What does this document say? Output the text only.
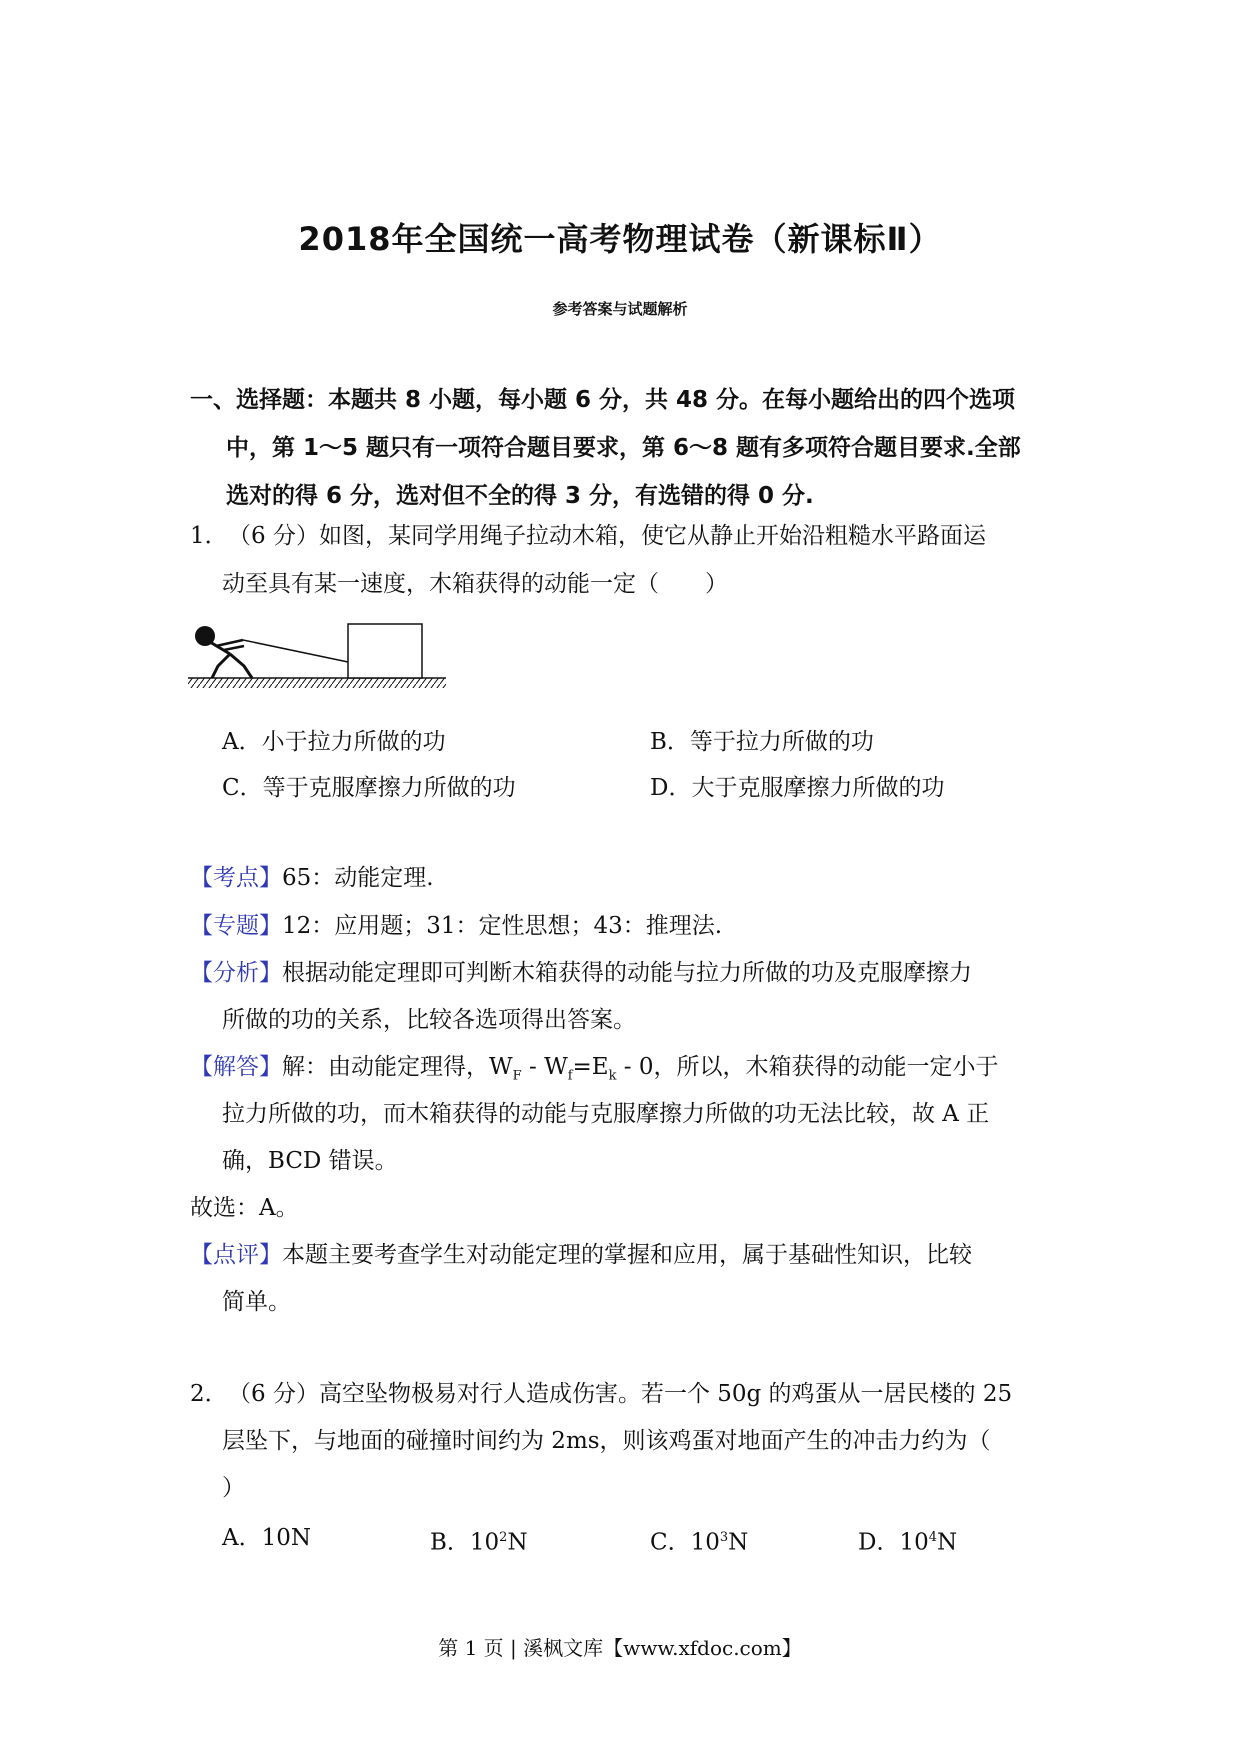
2018年全国统一高考物理试卷（新课标Ⅱ）
参考答案与试题解析
一、选择题：本题共 8 小题，每小题 6 分，共 48 分。在每小题给出的四个选项
中，第 1～5 题只有一项符合题目要求，第 6～8 题有多项符合题目要求.全部
选对的得 6 分，选对但不全的得 3 分，有选错的得 0 分.
1． （6 分）如图，某同学用绳子拉动木箱，使它从静止开始沿粗糙水平路面运
动至具有某一速度，木箱获得的动能一定（　　）
A．小于拉力所做的功	B．等于拉力所做的功
C．等于克服摩擦力所做的功	D．大于克服摩擦力所做的功
【考点】65：动能定理.
【专题】12：应用题；31：定性思想；43：推理法.
【分析】根据动能定理即可判断木箱获得的动能与拉力所做的功及克服摩擦力
所做的功的关系，比较各选项得出答案。
【解答】解：由动能定理得，$W_F - W_f=E_k - 0$，所以，木箱获得的动能一定小于
拉力所做的功，而木箱获得的动能与克服摩擦力所做的功无法比较，故 A 正
确，BCD 错误。
故选：A。
【点评】本题主要考查学生对动能定理的掌握和应用，属于基础性知识，比较
简单。
2． （6 分）高空坠物极易对行人造成伤害。若一个 50g 的鸡蛋从一居民楼的 25
层坠下，与地面的碰撞时间约为 2ms，则该鸡蛋对地面产生的冲击力约为（
）
A．10N	B．$10^2N$	C．$10^3N$	D．$10^4N$
第 1 页 | 溪枫文库【www.xfdoc.com】
